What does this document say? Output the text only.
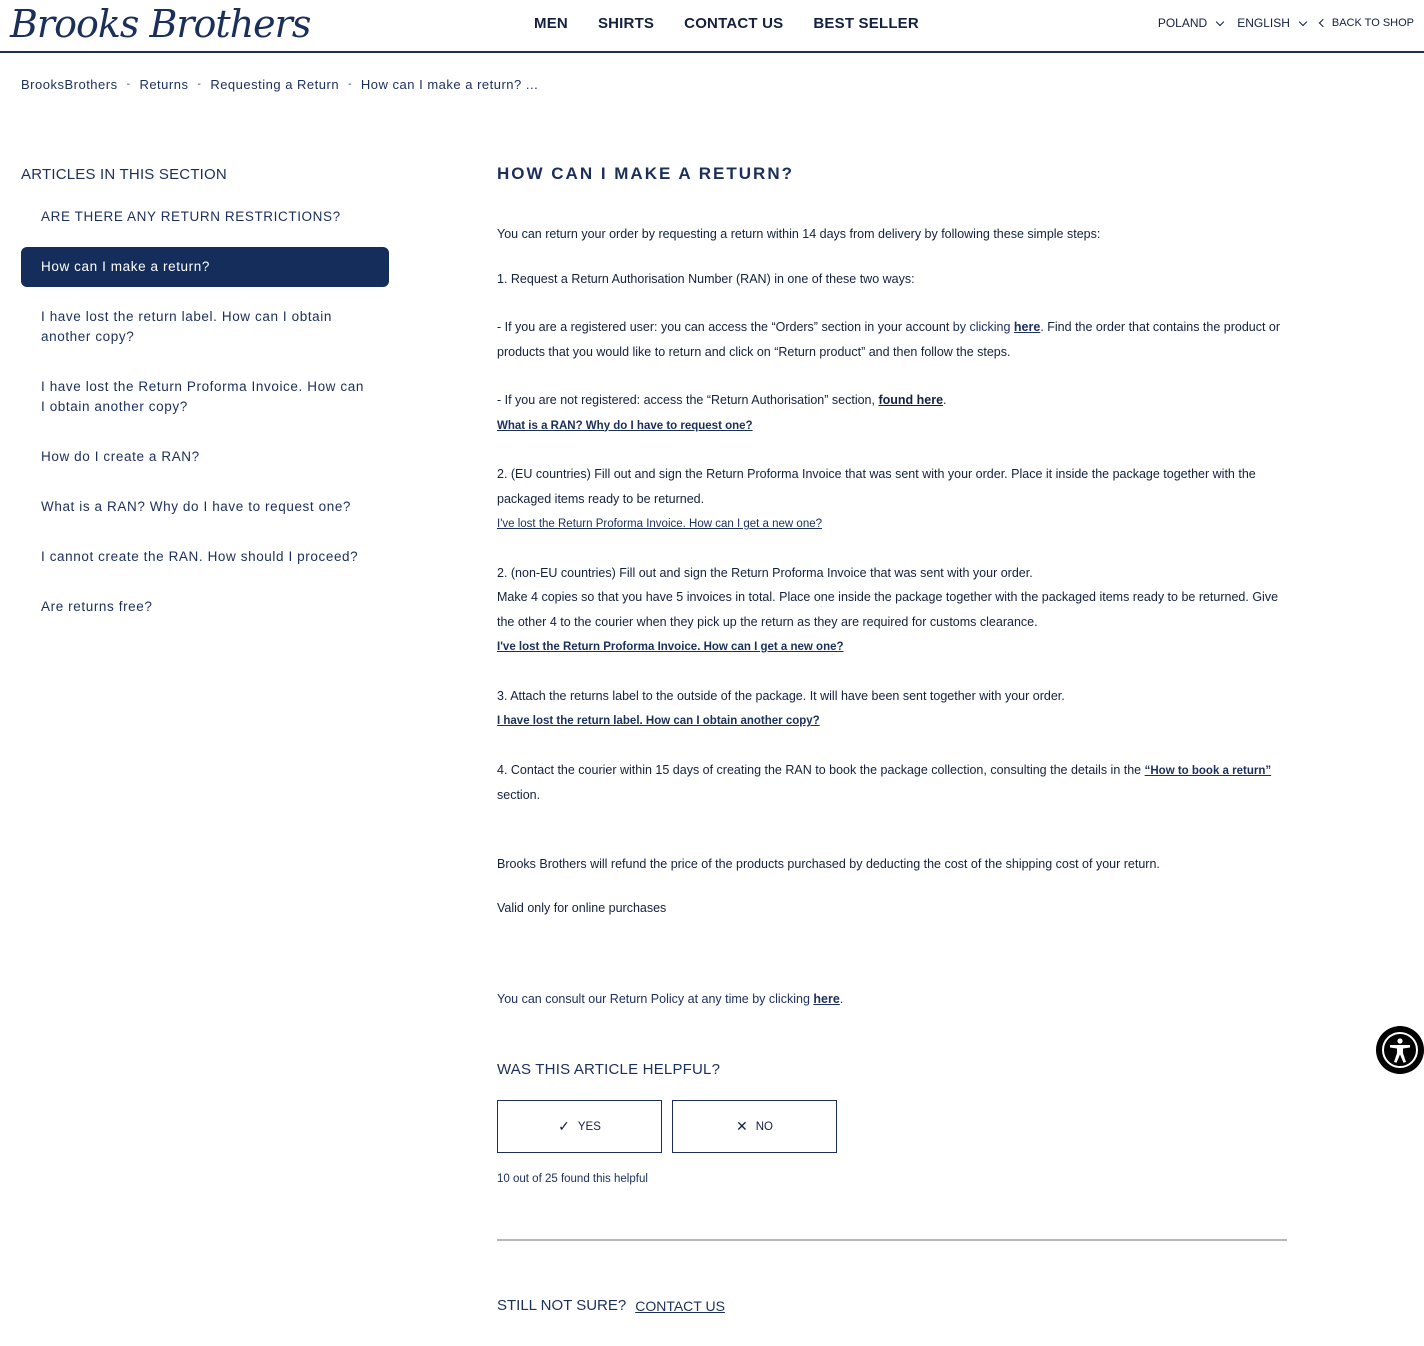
Brooks Brothers	MEN SHIRTS CONTACT US BEST SELLER	POLAND	ENGLISH	BACK TO SHOP
BrooksBrothers - Returns - Requesting a Return - How can I make a return? ...
ARTICLES IN THIS SECTION
ARE THERE ANY RETURN RESTRICTIONS?
How can I make a return?
I have lost the return label. How can I obtain another copy?
I have lost the Return Proforma Invoice. How can I obtain another copy?
How do I create a RAN?
What is a RAN? Why do I have to request one?
I cannot create the RAN. How should I proceed?
Are returns free?
HOW CAN I MAKE A RETURN?

You can return your order by requesting a return within 14 days from delivery by following these simple steps:

1. Request a Return Authorisation Number (RAN) in one of these two ways:

- If you are a registered user: you can access the “Orders” section in your account by clicking here. Find the order that contains the product or products that you would like to return and click on “Return product” and then follow the steps.

- If you are not registered: access the “Return Authorisation” section, found here.

What is a RAN? Why do I have to request one?

2. (EU countries) Fill out and sign the Return Proforma Invoice that was sent with your order. Place it inside the package together with the packaged items ready to be returned.

I've lost the Return Proforma Invoice. How can I get a new one?

2. (non-EU countries) Fill out and sign the Return Proforma Invoice that was sent with your order.

Make 4 copies so that you have 5 invoices in total. Place one inside the package together with the packaged items ready to be returned. Give the other 4 to the courier when they pick up the return as they are required for customs clearance.

I've lost the Return Proforma Invoice. How can I get a new one?

3. Attach the returns label to the outside of the package. It will have been sent together with your order.

I have lost the return label. How can I obtain another copy?

4. Contact the courier within 15 days of creating the RAN to book the package collection, consulting the details in the “How to book a return” section.

Brooks Brothers will refund the price of the products purchased by deducting the cost of the shipping cost of your return.

Valid only for online purchases

You can consult our Return Policy at any time by clicking here.

WAS THIS ARTICLE HELPFUL?
✓ YES	✕ NO
10 out of 25 found this helpful
STILL NOT SURE? CONTACT US
